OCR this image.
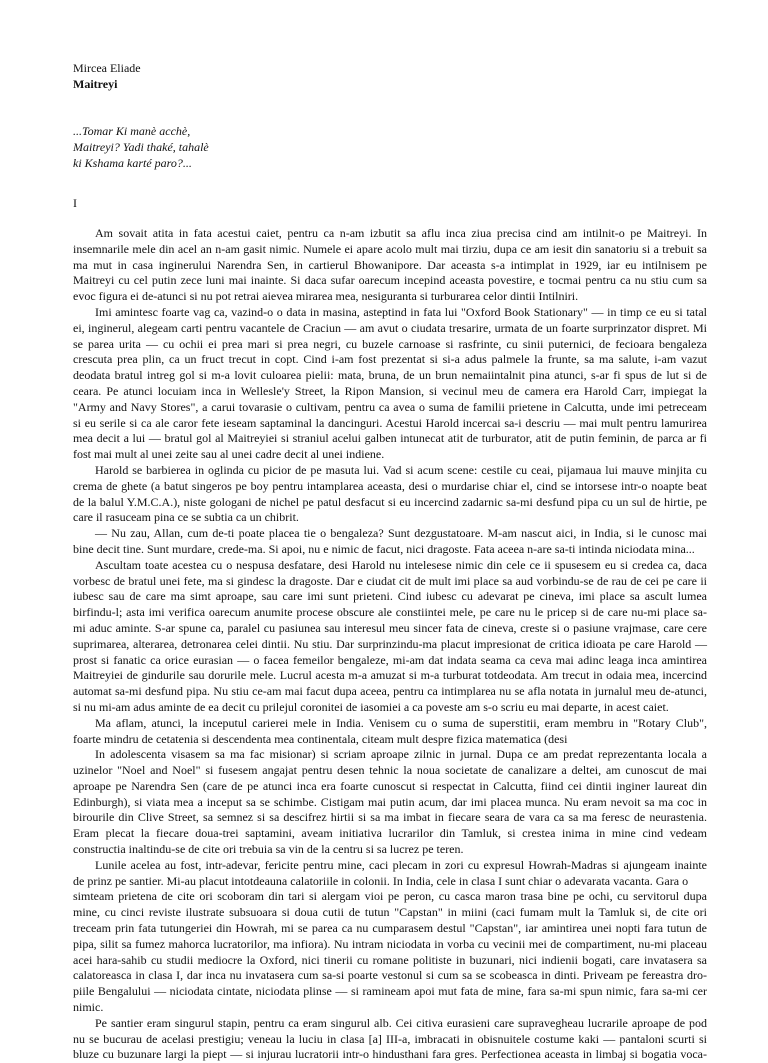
Mircea Eliade
Maitreyi
...Tomar Ki manè acchè,
Maitreyi? Yadi thaké, tahalè
ki Kshama karté paro?...
I
Am sovait atita in fata acestui caiet, pentru ca n-am izbutit sa aflu inca ziua precisa cind am intilnit-o pe Maitreyi. In
insemnarile mele din acel an n-am gasit nimic. Numele ei apare acolo mult mai tirziu, dupa ce am iesit din sanatoriu si a trebuit sa
ma mut in casa inginerului Narendra Sen, in cartierul Bhowanipore. Dar aceasta s-a intimplat in 1929, iar eu intilnisem pe
Maitreyi cu cel putin zece luni mai inainte. Si daca sufar oarecum incepind aceasta povestire, e tocmai pentru ca nu stiu cum sa
evoc figura ei de-atunci si nu pot retrai aievea mirarea mea, nesiguranta si turburarea celor dintii Intilniri.
Imi amintesc foarte vag ca, vazind-o o data in masina, asteptind in fata lui "Oxford Book Stationary" — in timp ce eu si tatal
ei, inginerul, alegeam carti pentru vacantele de Craciun — am avut o ciudata tresarire, urmata de un foarte surprinzator dispret. Mi
se parea urita — cu ochii ei prea mari si prea negri, cu buzele carnoase si rasfrinte, cu sinii puternici, de fecioara bengaleza
crescuta prea plin, ca un fruct trecut in copt. Cind i-am fost prezentat si si-a adus palmele la frunte, sa ma salute, i-am vazut
deodata bratul intreg gol si m-a lovit culoarea pielii: mata, bruna, de un brun nemaiintalnit pina atunci, s-ar fi spus de lut si de
ceara. Pe atunci locuiam inca in Wellesle'y Street, la Ripon Mansion, si vecinul meu de camera era Harold Carr, impiegat la
"Army and Navy Stores", a carui tovarasie o cultivam, pentru ca avea o suma de familii prietene in Calcutta, unde imi petreceam
si eu serile si ca ale caror fete ieseam saptaminal la dancinguri. Acestui Harold incercai sa-i descriu — mai mult pentru lamurirea
mea decit a lui — bratul gol al Maitreyiei si straniul acelui galben intunecat atit de turburator, atit de putin feminin, de parca ar fi
fost mai mult al unei zeite sau al unei cadre decit al unei indiene.
Harold se barbierea in oglinda cu picior de pe masuta lui. Vad si acum scene: cestile cu ceai, pijamaua lui mauve minjita cu
crema de ghete (a batut singeros pe boy pentru intamplarea aceasta, desi o murdarise chiar el, cind se intorsese intr-o noapte beat
de la balul Y.M.C.A.), niste gologani de nichel pe patul desfacut si eu incercind zadarnic sa-mi desfund pipa cu un sul de hirtie, pe
care il rasuceam pina ce se subtia ca un chibrit.
— Nu zau, Allan, cum de-ti poate placea tie o bengaleza? Sunt dezgustatoare. M-am nascut aici, in India, si le cunosc mai
bine decit tine. Sunt murdare, crede-ma. Si apoi, nu e nimic de facut, nici dragoste. Fata aceea n-are sa-ti intinda niciodata mina...
Ascultam toate acestea cu o nespusa desfatare, desi Harold nu intelesese nimic din cele ce ii spusesem eu si credea ca, daca
vorbesc de bratul unei fete, ma si gindesc la dragoste. Dar e ciudat cit de mult imi place sa aud vorbindu-se de rau de cei pe care ii
iubesc sau de care ma simt aproape, sau care imi sunt prieteni. Cind iubesc cu adevarat pe cineva, imi place sa ascult lumea
birfindu-l; asta imi verifica oarecum anumite procese obscure ale constiintei mele, pe care nu le pricep si de care nu-mi place sa-
mi aduc aminte. S-ar spune ca, paralel cu pasiunea sau interesul meu sincer fata de cineva, creste si o pasiune vrajmase, care cere
suprimarea, alterarea, detronarea celei dintii. Nu stiu. Dar surprinzindu-ma placut impresionat de critica idioata pe care Harold —
prost si fanatic ca orice eurasian — o facea femeilor bengaleze, mi-am dat indata seama ca ceva mai adinc leaga inca amintirea
Maitreyiei de gindurile sau dorurile mele. Lucrul acesta m-a amuzat si m-a turburat totdeodata. Am trecut in odaia mea, incercind
automat sa-mi desfund pipa. Nu stiu ce-am mai facut dupa aceea, pentru ca intimplarea nu se afla notata in jurnalul meu de-atunci,
si nu mi-am adus aminte de ea decit cu prilejul coronitei de iasomiei a ca poveste am s-o scriu eu mai departe, in acest caiet.
Ma aflam, atunci, la inceputul carierei mele in India. Venisem cu o suma de superstitii, eram membru in "Rotary Club",
foarte mindru de cetatenia si descendenta mea continentala, citeam mult despre fizica matematica (desi
In adolescenta visasem sa ma fac misionar) si scriam aproape zilnic in jurnal. Dupa ce am predat reprezentanta locala a
uzinelor "Noel and Noel" si fusesem angajat pentru desen tehnic la noua societate de canalizare a deltei, am cunoscut de mai
aproape pe Narendra Sen (care de pe atunci inca era foarte cunoscut si respectat in Calcutta, fiind cei dintii inginer laureat din
Edinburgh), si viata mea a inceput sa se schimbe. Cistigam mai putin acum, dar imi placea munca. Nu eram nevoit sa ma coc in
birourile din Clive Street, sa semnez si sa descifrez hirtii si sa ma imbat in fiecare seara de vara ca sa ma feresc de neurastenia.
Eram plecat la fiecare doua-trei saptamini, aveam initiativa lucrarilor din Tamluk, si crestea inima in mine cind vedeam
constructia inaltindu-se de cite ori trebuia sa vin de la centru si sa lucrez pe teren.
Lunile acelea au fost, intr-adevar, fericite pentru mine, caci plecam in zori cu expresul Howrah-Madras si ajungeam inainte
de prinz pe santier. Mi-au placut intotdeauna calatoriile in colonii. In India, cele in clasa I sunt chiar o adevarata vacanta. Gara o
simteam prietena de cite ori scoboram din tari si alergam vioi pe peron, cu casca maron trasa bine pe ochi, cu servitorul dupa
mine, cu cinci reviste ilustrate subsuoara si doua cutii de tutun "Capstan" in miini (caci fumam mult la Tamluk si, de cite ori
treceam prin fata tutungeriei din Howrah, mi se parea ca nu cumparasem destul "Capstan", iar amintirea unei nopti fara tutun de
pipa, silit sa fumez mahorca lucratorilor, ma infiora). Nu intram niciodata in vorba cu vecinii mei de compartiment, nu-mi placeau
acei hara-sahib cu studii mediocre la Oxford, nici tinerii cu romane politiste in buzunari, nici indienii bogati, care invatasera sa
calatoreasca in clasa I, dar inca nu invatasera cum sa-si poarte vestonul si cum sa se scobeasca in dinti. Priveam pe fereastra dro-
piile Bengalului — niciodata cintate, niciodata plinse — si ramineam apoi mut fata de mine, fara sa-mi spun nimic, fara sa-mi cer
nimic.
Pe santier eram singurul stapin, pentru ca eram singurul alb. Cei citiva eurasieni care supravegheau lucrarile aproape de pod
nu se bucurau de acelasi prestigiu; veneau la luciu in clasa [a] III-a, imbracati in obisnuitele costume kaki — pantaloni scurti si
bluze cu buzunare largi la piept — si injurau lucratorii intr-o hindusthani fara gres. Perfectionea aceasta in limbaj si bogatia voca-
